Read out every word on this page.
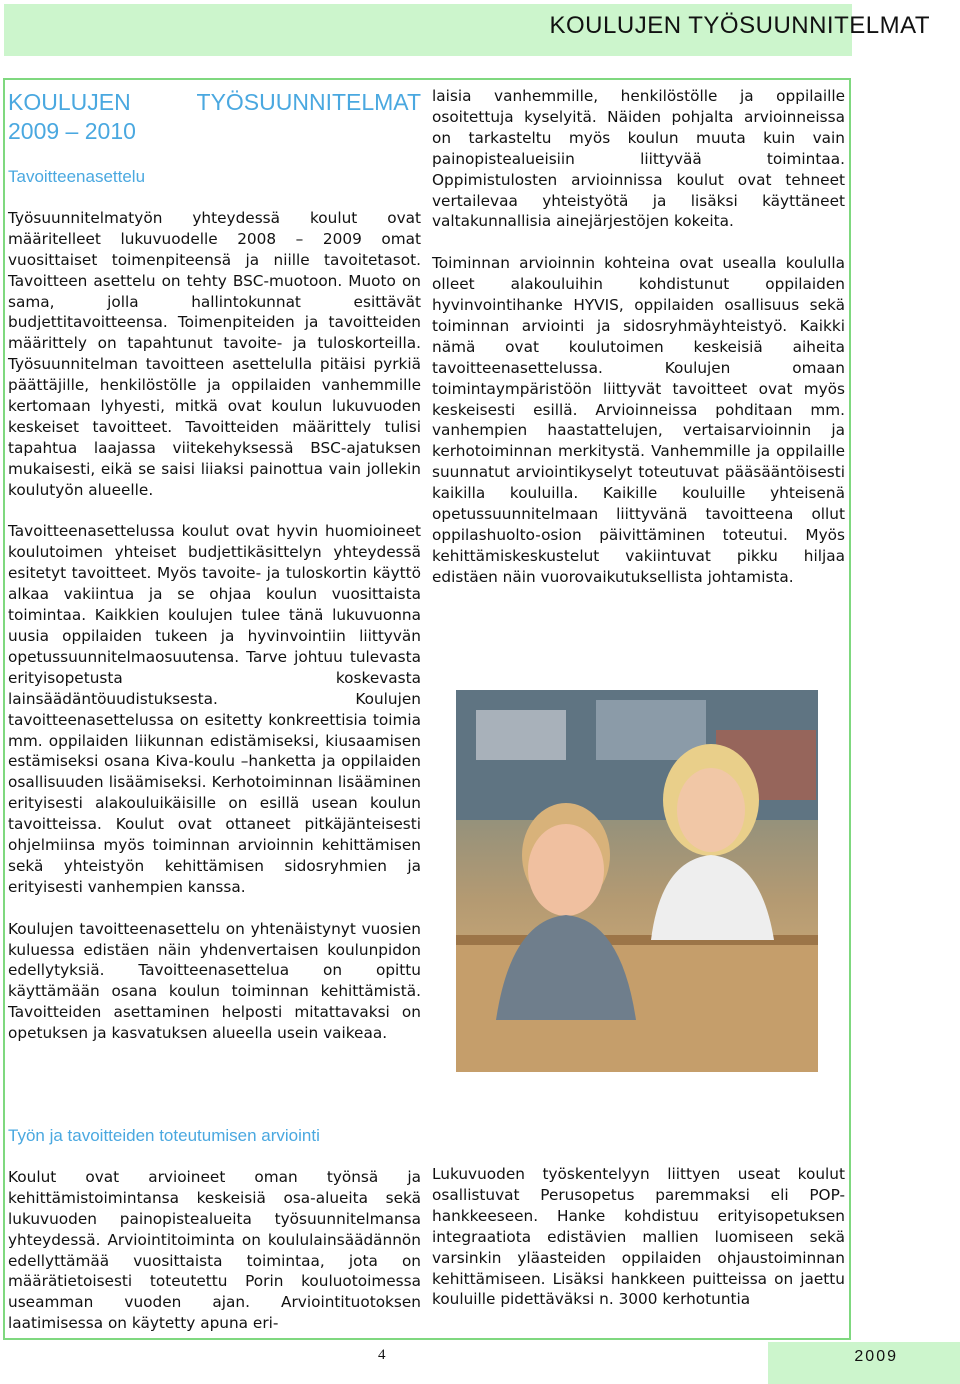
KOULUJEN TYÖSUUNNITELMAT
KOULUJEN	TYÖSUUNNITELMAT
2009 – 2010
Tavoitteenasettelu

Työsuunnitelmatyön yhteydessä koulut ovat määritelleet lukuvuodelle 2008 – 2009 omat vuosittaiset toimenpiteensä ja niille tavoitetasot. Tavoitteen asettelu on tehty BSC-muotoon. Muoto on sama, jolla hallintokunnat esittävät budjettitavoitteensa. Toimenpiteiden ja tavoitteiden määrittely on tapahtunut tavoite- ja tuloskorteilla. Työsuunnitelman tavoitteen asettelulla pitäisi pyrkiä päättäjille, henkilöstölle ja oppilaiden vanhemmille kertomaan lyhyesti, mitkä ovat koulun lukuvuoden keskeiset tavoitteet. Tavoitteiden määrittely tulisi tapahtua laajassa viitekehyksessä BSC-ajatuksen mukaisesti, eikä se saisi liiaksi painottua vain jollekin koulutyön alueelle.

Tavoitteenasettelussa koulut ovat hyvin huomioineet koulutoimen yhteiset budjettikäsittelyn yhteydessä esitetyt tavoitteet. Myös tavoite- ja tuloskortin käyttö alkaa vakiintua ja se ohjaa koulun vuosittaista toimintaa. Kaikkien koulujen tulee tänä lukuvuonna uusia oppilaiden tukeen ja hyvinvointiin liittyvän opetussuunnitelmaosuutensa. Tarve johtuu tulevasta erityisopetusta koskevasta lainsäädäntöuudistuksesta. Koulujen tavoitteenasettelussa on esitetty konkreettisia toimia mm. oppilaiden liikunnan edistämiseksi, kiusaamisen estämiseksi osana Kiva-koulu –hanketta ja oppilaiden osallisuuden lisäämiseksi. Kerhotoiminnan lisääminen erityisesti alakouluikäisille on esillä usean koulun tavoitteissa. Koulut ovat ottaneet pitkäjänteisesti ohjelmiinsa myös toiminnan arvioinnin kehittämisen sekä yhteistyön kehittämisen sidosryhmien ja erityisesti vanhempien kanssa.

Koulujen tavoitteenasettelu on yhtenäistynyt vuosien kuluessa edistäen näin yhdenvertaisen koulunpidon edellytyksiä. Tavoitteenasettelua on opittu käyttämään osana koulun toiminnan kehittämistä. Tavoitteiden asettaminen helposti mitattavaksi on opetuksen ja kasvatuksen alueella usein vaikeaa.

Työn ja tavoitteiden toteutumisen arviointi

Koulut ovat arvioineet oman työnsä ja kehittämistoimintansa keskeisiä osa-alueita sekä lukuvuoden painopistealueita työsuunnitelmansa yhteydessä. Arviointitoiminta on koululainsäädännön edellyttämää vuosittaista toimintaa, jota on määrätietoisesti toteutettu Porin kouluotoimessa useamman vuoden ajan. Arviointituotoksen laatimisessa on käytetty apuna eri-

laisia vanhemmille, henkilöstölle ja oppilaille osoitettuja kyselyitä. Näiden pohjalta arvioinneissa on tarkasteltu myös koulun muuta kuin vain painopistealueisiin liittyvää toimintaa. Oppimistulosten arvioinnissa koulut ovat tehneet vertailevaa yhteistyötä ja lisäksi käyttäneet valtakunnallisia ainejärjestöjen kokeita.

Toiminnan arvioinnin kohteina ovat usealla koululla olleet alakouluihin kohdistunut oppilaiden hyvinvointihanke HYVIS, oppilaiden osallisuus sekä toiminnan arviointi ja sidosryhmäyhteistyö. Kaikki nämä ovat koulutoimen keskeisiä aiheita tavoitteenasettelussa. Koulujen omaan toimintaympäristöön liittyvät tavoitteet ovat myös keskeisesti esillä. Arvioinneissa pohditaan mm. vanhempien haastattelujen, vertaisarvioinnin ja kerhotoiminnan merkitystä. Vanhemmille ja oppilaille suunnatut arviointikyselyt toteutuvat pääsääntöisesti kaikilla kouluilla. Kaikille kouluille yhteisenä opetussuunnitelmaan liittyvänä tavoitteena ollut oppilashuolto-osion päivittäminen toteutui. Myös kehittämiskeskustelut vakiintuvat pikku hiljaa edistäen näin vuorovaikutuksellista johtamista.

Lukuvuoden työskentelyyn liittyen useat koulut osallistuvat Perusopetus paremmaksi eli POP-hankkeeseen. Hanke kohdistuu erityisopetuksen integraatiota edistävien mallien luomiseen sekä varsinkin yläasteiden oppilaiden ohjaustoiminnan kehittämiseen. Lisäksi hankkeen puitteissa on jaettu kouluille pidettäväksi n. 3000 kerhotuntia

4	2009
